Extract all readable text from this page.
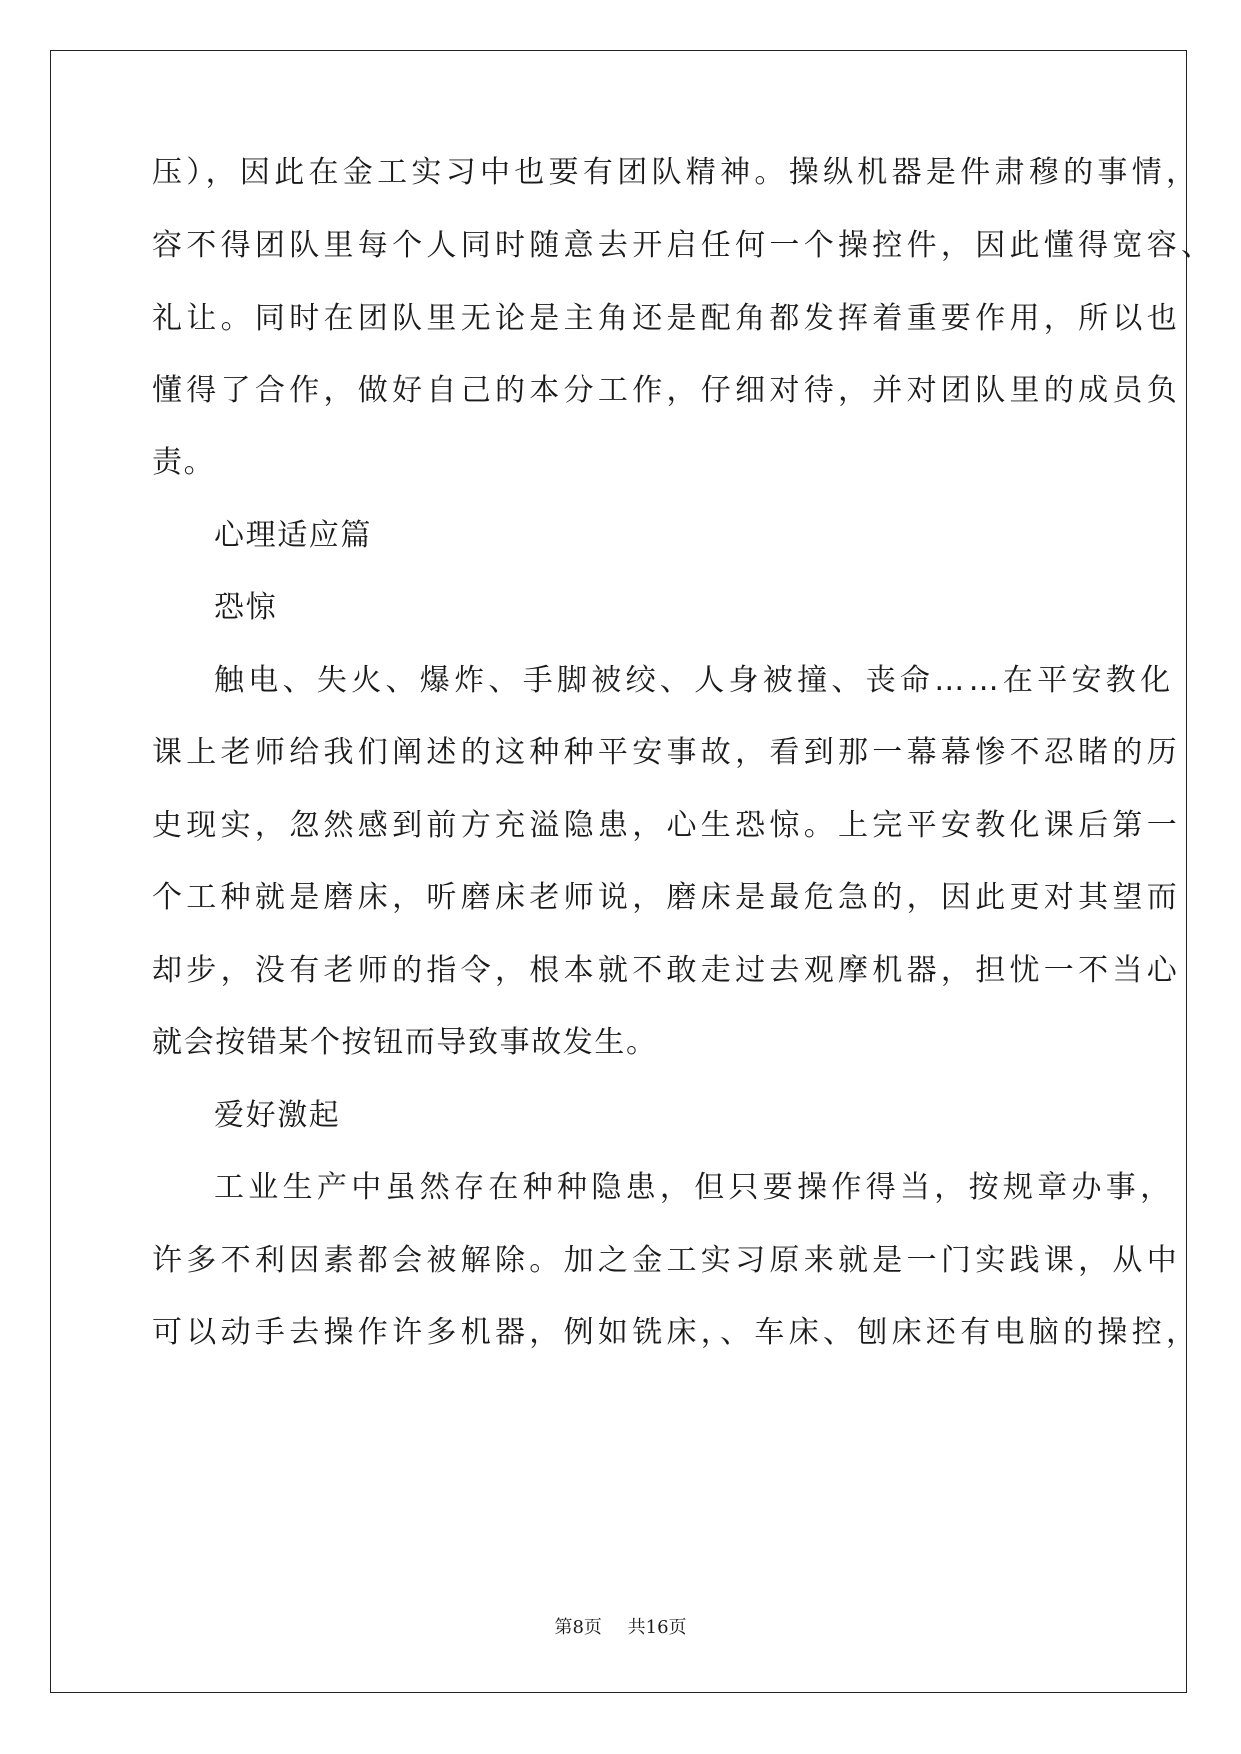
压），因此在金工实习中也要有团队精神。操纵机器是件肃穆的事情，
容不得团队里每个人同时随意去开启任何一个操控件，因此懂得宽容、
礼让。同时在团队里无论是主角还是配角都发挥着重要作用，所以也
懂得了合作，做好自己的本分工作，仔细对待，并对团队里的成员负
责。
心理适应篇
恐惊
触电、失火、爆炸、手脚被绞、人身被撞、丧命……在平安教化
课上老师给我们阐述的这种种平安事故，看到那一幕幕惨不忍睹的历
史现实，忽然感到前方充溢隐患，心生恐惊。上完平安教化课后第一
个工种就是磨床，听磨床老师说，磨床是最危急的，因此更对其望而
却步，没有老师的指令，根本就不敢走过去观摩机器，担忧一不当心
就会按错某个按钮而导致事故发生。
爱好激起
工业生产中虽然存在种种隐患，但只要操作得当，按规章办事，
许多不利因素都会被解除。加之金工实习原来就是一门实践课，从中
可以动手去操作许多机器，例如铣床，、车床、刨床还有电脑的操控，
第8页 共16页
